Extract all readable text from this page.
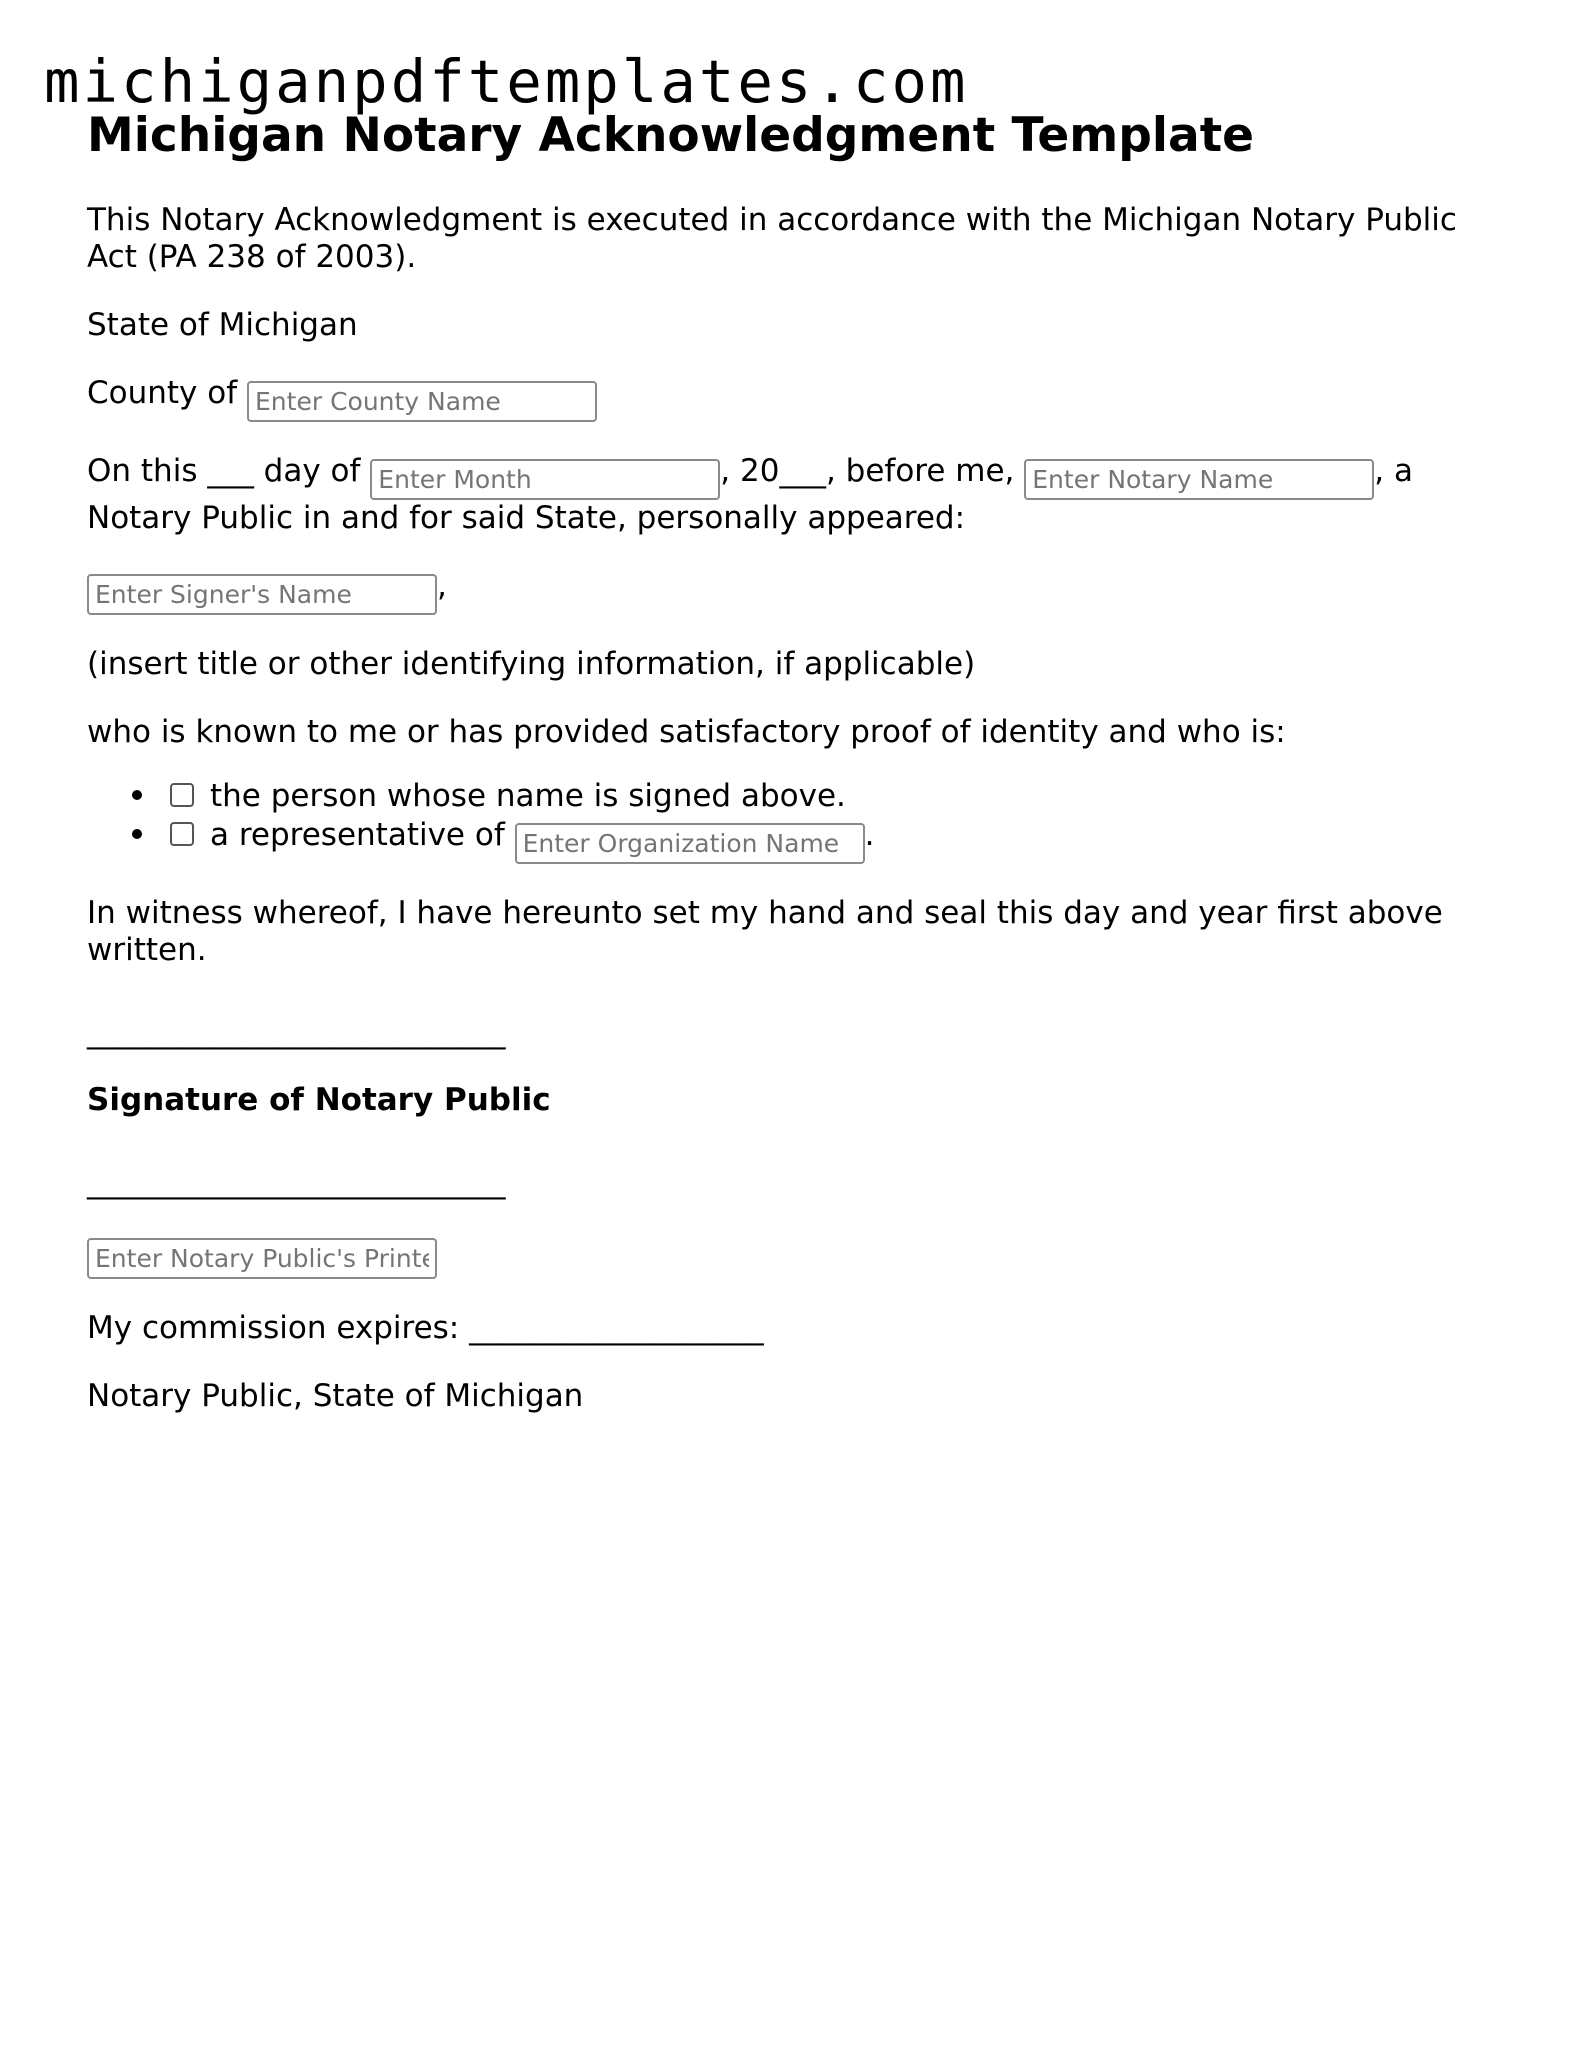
michiganpdftemplates.com
Michigan Notary Acknowledgment Template

This Notary Acknowledgment is executed in accordance with the Michigan Notary Public Act (PA 238 of 2003).

State of Michigan

County of Enter County Name

On this ___ day of Enter Month	, 20___, before me, Enter Notary Name	, a
Notary Public in and for said State, personally appeared:

Enter Signer's Name,

(insert title or other identifying information, if applicable)

who is known to me or has provided satisfactory proof of identity and who is:

the person whose name is signed above.
a representative of Enter Organization Name	.

In witness whereof, I have hereunto set my hand and seal this day and year first above written.

___________________________

Signature of Notary Public

___________________________

Enter Notary Public's Printed Name

My commission expires: ___________________

Notary Public, State of Michigan
